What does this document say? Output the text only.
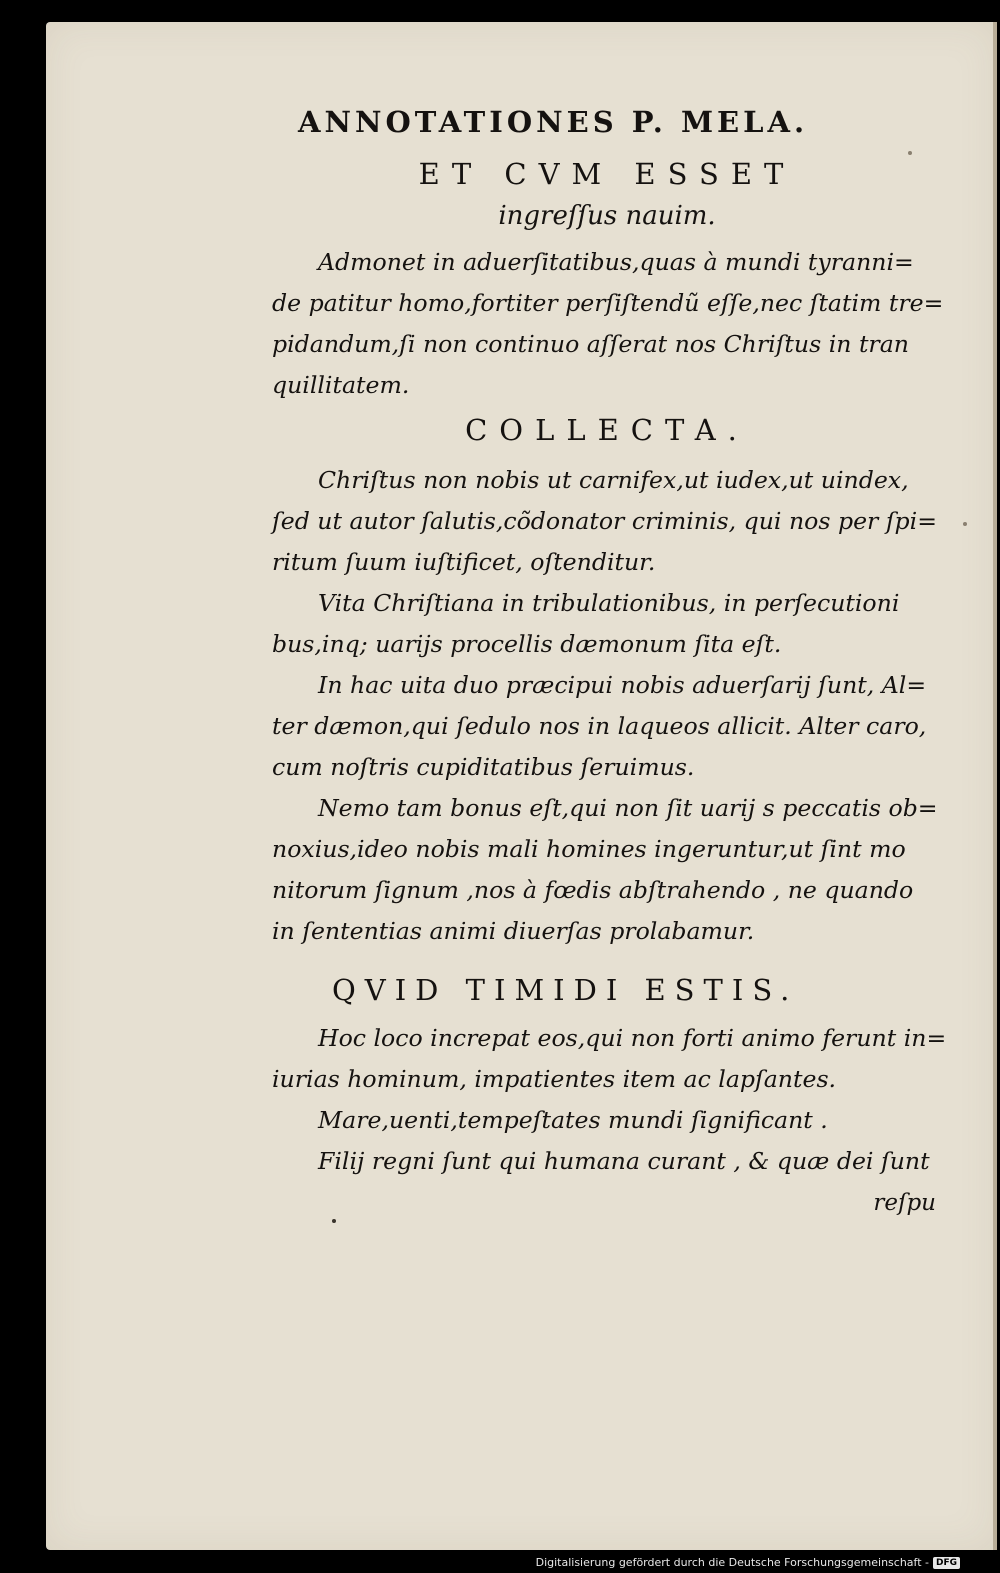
ANNOTATIONES P. MELA.
ET CVM ESSET
ingreſſus nauim.
Admonet in aduerſitatibus,quas à mundi tyranni=
de patitur homo,fortiter perſiſtendũ eſſe,nec ſtatim tre=
pidandum,ſi non continuo aſſerat nos Chriſtus in tran
quillitatem.
COLLECTA.
Chriſtus non nobis ut carnifex,ut iudex,ut uindex,
ſed ut autor ſalutis,cõdonator criminis, qui nos per ſpi=
ritum ſuum iuſtificet, oſtenditur.
Vita Chriſtiana in tribulationibus, in perſecutioni
bus,inq; uarijs procellis dæmonum ſita eſt.
In hac uita duo præcipui nobis aduerſarij ſunt, Al=
ter dæmon,qui ſedulo nos in laqueos allicit. Alter caro,
cum noſtris cupiditatibus ſeruimus.
Nemo tam bonus eſt,qui non ſit uarij s peccatis ob=
noxius,ideo nobis mali homines ingeruntur,ut ſint mo
nitorum ſignum ,nos à fœdis abſtrahendo , ne quando
in ſententias animi diuerſas prolabamur.
QVID TIMIDI ESTIS.
Hoc loco increpat eos,qui non forti animo ferunt in=
iurias hominum, impatientes item ac lapſantes.
Mare,uenti,tempeſtates mundi ſignificant .
Filij regni ſunt qui humana curant , & quæ dei ſunt
reſpu
Digitalisierung gefördert durch die Deutsche Forschungsgemeinschaft - DFG
